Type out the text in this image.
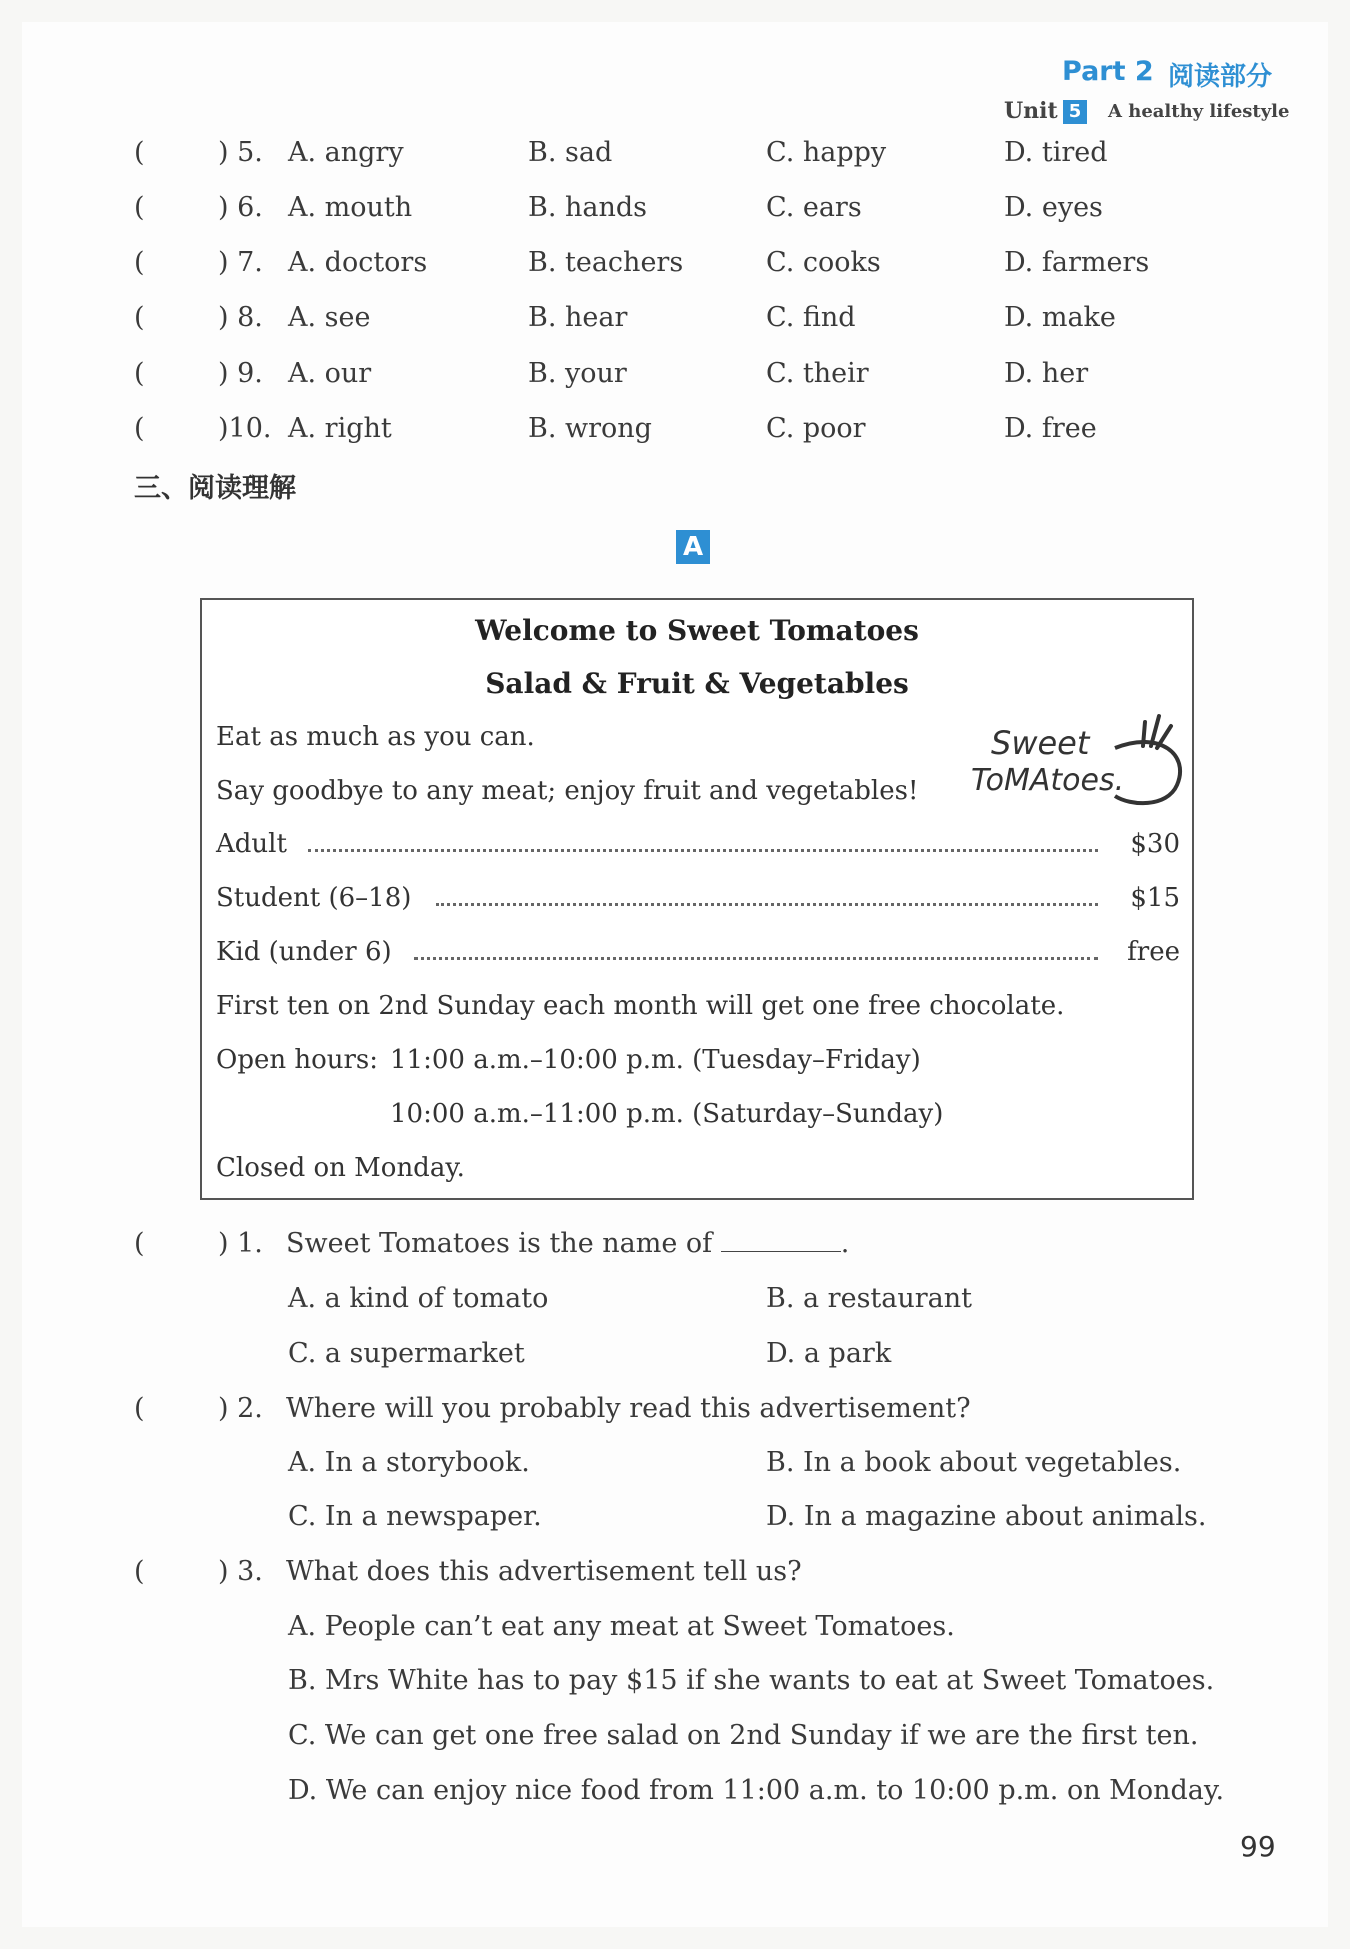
Part 2 阅读部分
Unit 5	A healthy lifestyle
(	) 5. A. angry	B. sad	C. happy	D. tired
(	) 6. A. mouth	B. hands	C. ears	D. eyes
(	) 7. A. doctors	B. teachers	C. cooks	D. farmers
(	) 8. A. see	B. hear	C. find	D. make
(	) 9. A. our	B. your	C. their	D. her
(	)10. A. right	B. wrong	C. poor	D. free
三、阅读理解
A
Welcome to Sweet Tomatoes
Salad & Fruit & Vegetables
Eat as much as you can.
Say goodbye to any meat; enjoy fruit and vegetables!
Adult	$30
Student (6–18)	$15
Kid (under 6)	free
First ten on 2nd Sunday each month will get one free chocolate.
Open hours: 11:00 a.m.–10:00 p.m. (Tuesday–Friday)
10:00 a.m.–11:00 p.m. (Saturday–Sunday)
Closed on Monday.
Sweet
ToMAtoes.
(	) 1. Sweet Tomatoes is the name of	.
A. a kind of tomato	B. a restaurant
C. a supermarket	D. a park
(	) 2. Where will you probably read this advertisement?
A. In a storybook.	B. In a book about vegetables.
C. In a newspaper.	D. In a magazine about animals.
(	) 3. What does this advertisement tell us?
A. People can’t eat any meat at Sweet Tomatoes.
B. Mrs White has to pay $15 if she wants to eat at Sweet Tomatoes.
C. We can get one free salad on 2nd Sunday if we are the first ten.
D. We can enjoy nice food from 11:00 a.m. to 10:00 p.m. on Monday.
99
